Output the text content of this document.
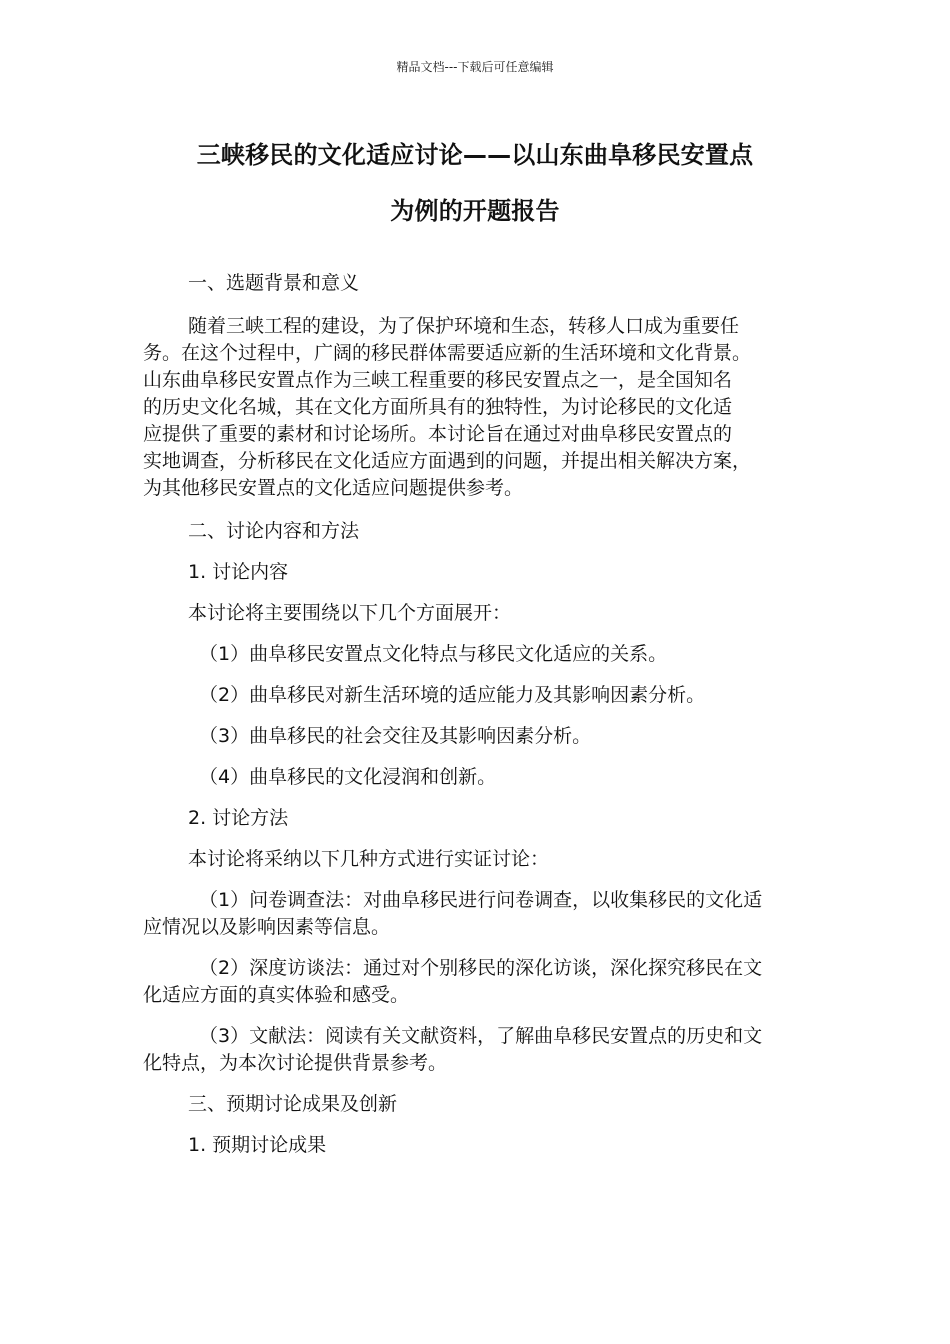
精品文档---下载后可任意编辑
三峡移民的文化适应讨论——以山东曲阜移民安置点
为例的开题报告

一、选题背景和意义

随着三峡工程的建设，为了保护环境和生态，转移人口成为重要任

务。在这个过程中，广阔的移民群体需要适应新的生活环境和文化背景。

山东曲阜移民安置点作为三峡工程重要的移民安置点之一，是全国知名

的历史文化名城，其在文化方面所具有的独特性，为讨论移民的文化适

应提供了重要的素材和讨论场所。本讨论旨在通过对曲阜移民安置点的

实地调查，分析移民在文化适应方面遇到的问题，并提出相关解决方案，

为其他移民安置点的文化适应问题提供参考。

二、讨论内容和方法

1. 讨论内容

本讨论将主要围绕以下几个方面展开：

（1）曲阜移民安置点文化特点与移民文化适应的关系。

（2）曲阜移民对新生活环境的适应能力及其影响因素分析。

（3）曲阜移民的社会交往及其影响因素分析。

（4）曲阜移民的文化浸润和创新。

2. 讨论方法

本讨论将采纳以下几种方式进行实证讨论：

（1）问卷调查法：对曲阜移民进行问卷调查，以收集移民的文化适

应情况以及影响因素等信息。

（2）深度访谈法：通过对个别移民的深化访谈，深化探究移民在文

化适应方面的真实体验和感受。

（3）文献法：阅读有关文献资料，了解曲阜移民安置点的历史和文

化特点，为本次讨论提供背景参考。

三、预期讨论成果及创新

1. 预期讨论成果
